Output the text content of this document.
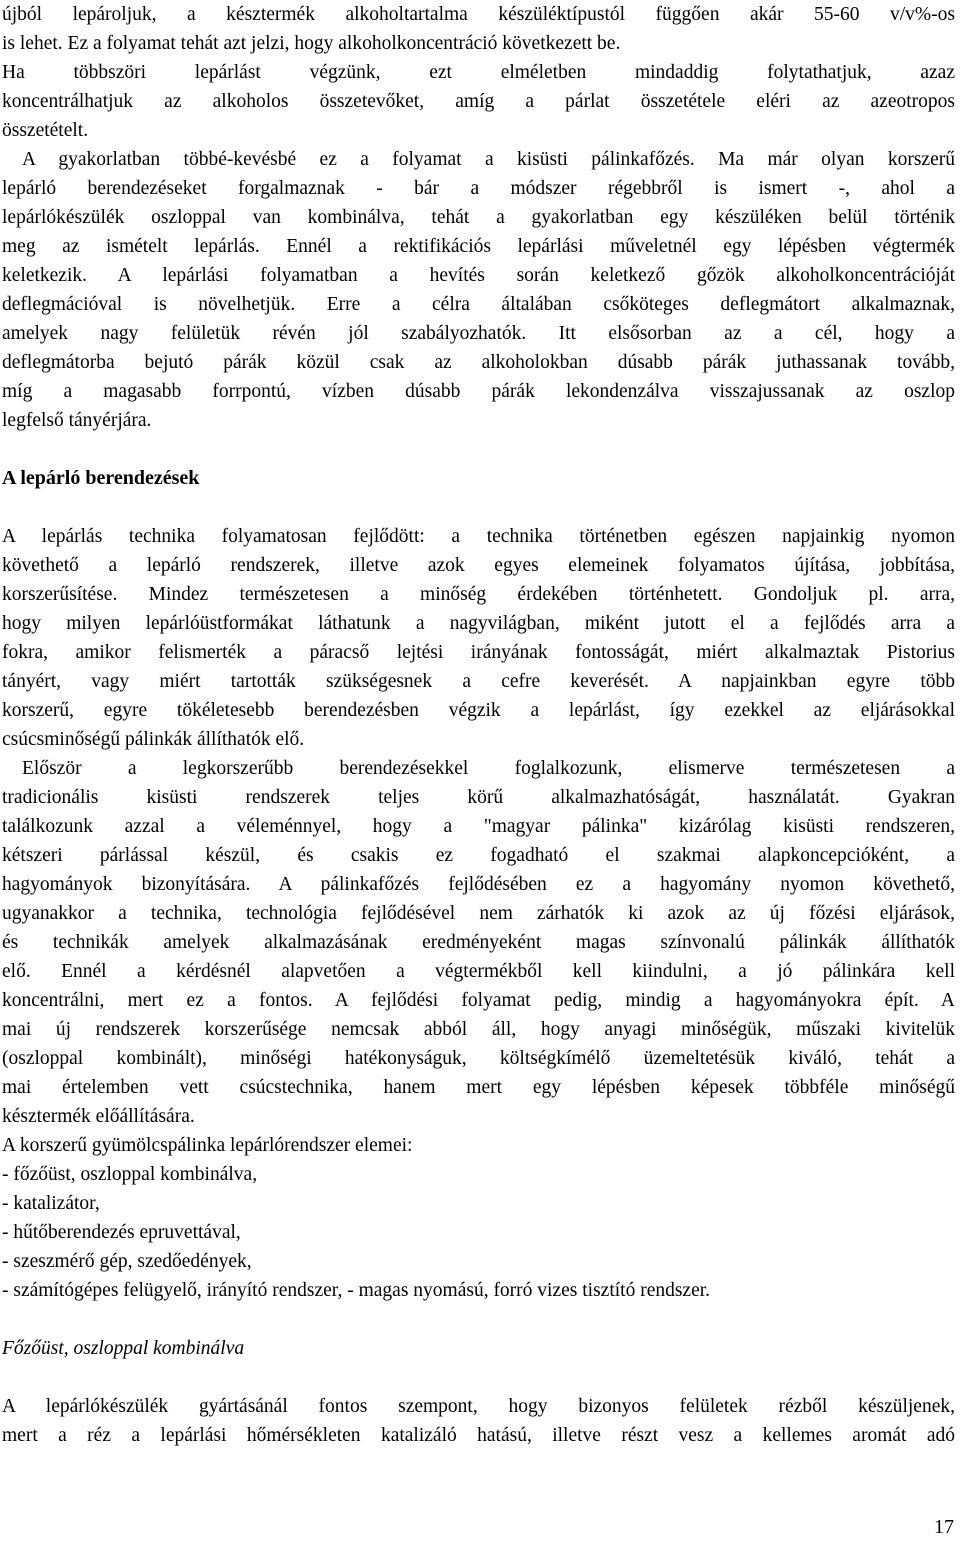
újból lepároljuk, a késztermék alkoholtartalma készüléktípustól függően akár 55-60 v/v%-os
is lehet. Ez a folyamat tehát azt jelzi, hogy alkoholkoncentráció következett be.
Ha többszöri lepárlást végzünk, ezt elméletben mindaddig folytathatjuk, azaz
koncentrálhatjuk az alkoholos összetevőket, amíg a párlat összetétele eléri az azeotropos
összetételt.
A gyakorlatban többé-kevésbé ez a folyamat a kisüsti pálinkafőzés. Ma már olyan korszerű
lepárló berendezéseket forgalmaznak - bár a módszer régebbről is ismert -, ahol a
lepárlókészülék oszloppal van kombinálva, tehát a gyakorlatban egy készüléken belül történik
meg az ismételt lepárlás. Ennél a rektifikációs lepárlási műveletnél egy lépésben végtermék
keletkezik. A lepárlási folyamatban a hevítés során keletkező gőzök alkoholkoncentrációját
deflegmációval is növelhetjük. Erre a célra általában csőköteges deflegmátort alkalmaznak,
amelyek nagy felületük révén jól szabályozhatók. Itt elsősorban az a cél, hogy a
deflegmátorba bejutó párák közül csak az alkoholokban dúsabb párák juthassanak tovább,
míg a magasabb forrpontú, vízben dúsabb párák lekondenzálva visszajussanak az oszlop
legfelső tányérjára.
A lepárló berendezések
A lepárlás technika folyamatosan fejlődött: a technika történetben egészen napjainkig nyomon
követhető a lepárló rendszerek, illetve azok egyes elemeinek folyamatos újítása, jobbítása,
korszerűsítése. Mindez természetesen a minőség érdekében történhetett. Gondoljuk pl. arra,
hogy milyen lepárlóüstformákat láthatunk a nagyvilágban, miként jutott el a fejlődés arra a
fokra, amikor felismerték a páracső lejtési irányának fontosságát, miért alkalmaztak Pistorius
tányért, vagy miért tartották szükségesnek a cefre keverését. A napjainkban egyre több
korszerű, egyre tökéletesebb berendezésben végzik a lepárlást, így ezekkel az eljárásokkal
csúcsminőségű pálinkák állíthatók elő.
Először a legkorszerűbb berendezésekkel foglalkozunk, elismerve természetesen a
tradicionális kisüsti rendszerek teljes körű alkalmazhatóságát, használatát. Gyakran
találkozunk azzal a véleménnyel, hogy a "magyar pálinka" kizárólag kisüsti rendszeren,
kétszeri párlással készül, és csakis ez fogadható el szakmai alapkoncepcióként, a
hagyományok bizonyítására. A pálinkafőzés fejlődésében ez a hagyomány nyomon követhető,
ugyanakkor a technika, technológia fejlődésével nem zárhatók ki azok az új főzési eljárások,
és technikák amelyek alkalmazásának eredményeként magas színvonalú pálinkák állíthatók
elő. Ennél a kérdésnél alapvetően a végtermékből kell kiindulni, a jó pálinkára kell
koncentrálni, mert ez a fontos. A fejlődési folyamat pedig, mindig a hagyományokra épít. A
mai új rendszerek korszerűsége nemcsak abból áll, hogy anyagi minőségük, műszaki kivitelük
(oszloppal kombinált), minőségi hatékonyságuk, költségkímélő üzemeltetésük kiváló, tehát a
mai értelemben vett csúcstechnika, hanem mert egy lépésben képesek többféle minőségű
késztermék előállítására.
A korszerű gyümölcspálinka lepárlórendszer elemei:
- főzőüst, oszloppal kombinálva,
- katalizátor,
- hűtőberendezés epruvettával,
- szeszmérő gép, szedőedények,
- számítógépes felügyelő, irányító rendszer, - magas nyomású, forró vizes tisztító rendszer.
Főzőüst, oszloppal kombinálva
A lepárlókészülék gyártásánál fontos szempont, hogy bizonyos felületek rézből készüljenek,
mert a réz a lepárlási hőmérsékleten katalizáló hatású, illetve részt vesz a kellemes aromát adó
17
